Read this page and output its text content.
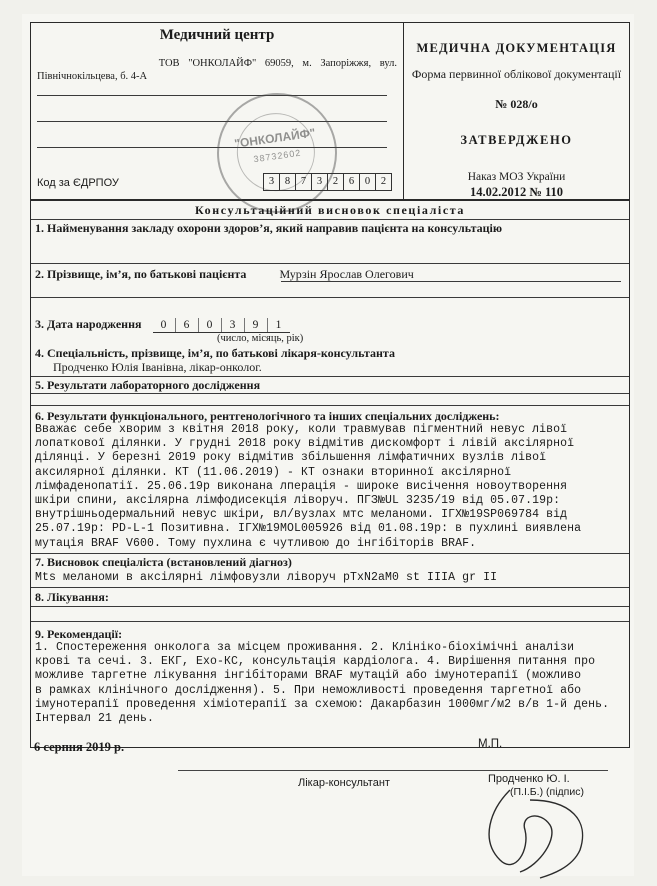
Медичний центр
ТОВ "ОНКОЛАЙФ" 69059, м. Запоріжжя, вул.
Північнокільцева, б. 4-А
"ОНКОЛАЙФ"
38732602
Код за ЄДРПОУ	3	8	7	3	2	6	0	2
МЕДИЧНА ДОКУМЕНТАЦІЯ
Форма первинної облікової документації
№ 028/о
ЗАТВЕРДЖЕНО
Наказ МОЗ України
14.02.2012 № 110
Консультаційний висновок спеціаліста
1. Найменування закладу охорони здоров’я, який направив пацієнта на консультацію
2. Прізвище, ім’я, по батькові пацієнта	Мурзін Ярослав Олегович
3. Дата народження	0	6	0	3	9	1
(число, місяць, рік)
4. Спеціальність, прізвище, ім’я, по батькові лікаря-консультанта
Продченко Юлія Іванівна, лікар-онколог.
5. Результати лабораторного дослідження
6. Результати функціонального, рентгенологічного та інших спеціальних досліджень:
Вважає себе хворим з квітня 2018 року, коли травмував пігментний невус лівої
лопаткової ділянки. У грудні 2018 року відмітив дискомфорт і лівій аксілярної
ділянці. У березні 2019 року відмітив збільшення лімфатичних вузлів лівої
аксилярної ділянки. КТ (11.06.2019) - КТ ознаки вторинної аксілярної
лімфаденопатії. 25.06.19р виконана лперація - широке висічення новоутворення
шкіри спини, аксілярна лімфодисекція ліворуч. ПГЗ№UL 3235/19 від 05.07.19р:
внутрішньодермальний невус шкіри, вл/вузлах мтс меланоми. ІГХ№19SP069784 від
25.07.19р: PD-L-1 Позитивна. ІГХ№19MOL005926 від 01.08.19р: в пухлині виявлена
мутація BRAF V600. Тому пухлина є чутливою до інгібіторів BRAF.
7. Висновок спеціаліста (встановлений діагноз)
Mts меланоми в аксілярні лімфовузли ліворуч pTxN2aM0 st IIIA gr II
8. Лікування:
9. Рекомендації:
1. Спостереження онколога за місцем проживання. 2. Клініко-біохімічні аналізи
крові та сечі. 3. ЕКГ, Ехо-КС, консультація кардіолога. 4. Вирішення питання про
можливе таргетне лікування інгібіторами BRAF мутацій або імунотерапії (можливо
в рамках клінічного дослідження). 5. При неможливості проведення таргетної або
імунотерапії проведення хіміотерапії за схемою: Дакарбазин 1000мг/м2 в/в 1-й день.
Інтервал 21 день.
6 серпня 2019 р.	М.П.
Лікар-консультант	Продченко Ю. І.
(П.І.Б.) (підпис)
